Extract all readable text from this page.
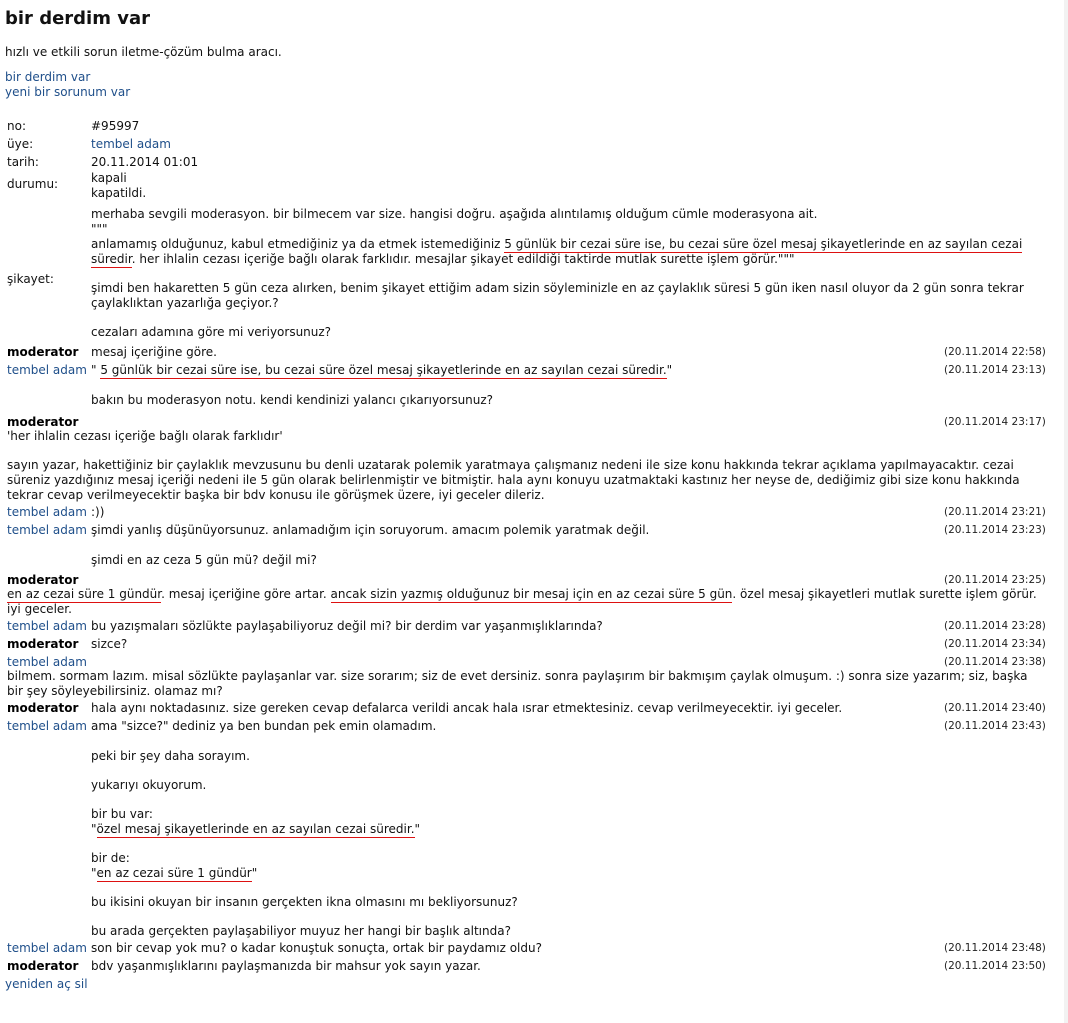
bir derdim var
hızlı ve etkili sorun iletme-çözüm bulma aracı.
bir derdim var
yeni bir sorunum var
no:	#95997
üye:	tembel adam
tarih:	20.11.2014 01:01
durumu:	kapali
kapatildi.
şikayet:
merhaba sevgili moderasyon. bir bilmecem var size. hangisi doğru. aşağıda alıntılamış olduğum cümle moderasyona ait.
"""
anlamamış olduğunuz, kabul etmediğiniz ya da etmek istemediğiniz 5 günlük bir cezai süre ise, bu cezai süre özel mesaj şikayetlerinde en az sayılan cezai süredir. her ihlalin cezası içeriğe bağlı olarak farklıdır. mesajlar şikayet edildiği taktirde mutlak surette işlem görür."""
şimdi ben hakaretten 5 gün ceza alırken, benim şikayet ettiğim adam sizin söyleminizle en az çaylaklık süresi 5 gün iken nasıl oluyor da 2 gün sonra tekrar çaylaklıktan yazarlığa geçiyor.?
cezaları adamına göre mi veriyorsunuz?
moderator	(20.11.2014 22:58)
mesaj içeriğine göre.
tembel adam	(20.11.2014 23:13)
" 5 günlük bir cezai süre ise, bu cezai süre özel mesaj şikayetlerinde en az sayılan cezai süredir."
bakın bu moderasyon notu. kendi kendinizi yalancı çıkarıyorsunuz?
moderator	(20.11.2014 23:17)
'her ihlalin cezası içeriğe bağlı olarak farklıdır'
sayın yazar, hakettiğiniz bir çaylaklık mevzusunu bu denli uzatarak polemik yaratmaya çalışmanız nedeni ile size konu hakkında tekrar açıklama yapılmayacaktır. cezai süreniz yazdığınız mesaj içeriği nedeni ile 5 gün olarak belirlenmiştir ve bitmiştir. hala aynı konuyu uzatmaktaki kastınız her neyse de, dediğimiz gibi size konu hakkında tekrar cevap verilmeyecektir başka bir bdv konusu ile görüşmek üzere, iyi geceler dileriz.
tembel adam	(20.11.2014 23:21)
:))
tembel adam	(20.11.2014 23:23)
şimdi yanlış düşünüyorsunuz. anlamadığım için soruyorum. amacım polemik yaratmak değil.
şimdi en az ceza 5 gün mü? değil mi?
moderator	(20.11.2014 23:25)
en az cezai süre 1 gündür. mesaj içeriğine göre artar. ancak sizin yazmış olduğunuz bir mesaj için en az cezai süre 5 gün. özel mesaj şikayetleri mutlak surette işlem görür. iyi geceler.
tembel adam	(20.11.2014 23:28)
bu yazışmaları sözlükte paylaşabiliyoruz değil mi? bir derdim var yaşanmışlıklarında?
moderator	(20.11.2014 23:34)
sizce?
tembel adam	(20.11.2014 23:38)
bilmem. sormam lazım. misal sözlükte paylaşanlar var. size sorarım; siz de evet dersiniz. sonra paylaşırım bir bakmışım çaylak olmuşum. :) sonra size yazarım; siz, başka bir şey söyleyebilirsiniz. olamaz mı?
moderator	(20.11.2014 23:40)
hala aynı noktadasınız. size gereken cevap defalarca verildi ancak hala ısrar etmektesiniz. cevap verilmeyecektir. iyi geceler.
tembel adam	(20.11.2014 23:43)
ama "sizce?" dediniz ya ben bundan pek emin olamadım.
peki bir şey daha sorayım.
yukarıyı okuyorum.
bir bu var:
"özel mesaj şikayetlerinde en az sayılan cezai süredir."
bir de:
"en az cezai süre 1 gündür"
bu ikisini okuyan bir insanın gerçekten ikna olmasını mı bekliyorsunuz?
bu arada gerçekten paylaşabiliyor muyuz her hangi bir başlık altında?
tembel adam	(20.11.2014 23:48)
son bir cevap yok mu? o kadar konuştuk sonuçta, ortak bir paydamız oldu?
moderator	(20.11.2014 23:50)
bdv yaşanmışlıklarını paylaşmanızda bir mahsur yok sayın yazar.
yeniden aç sil
